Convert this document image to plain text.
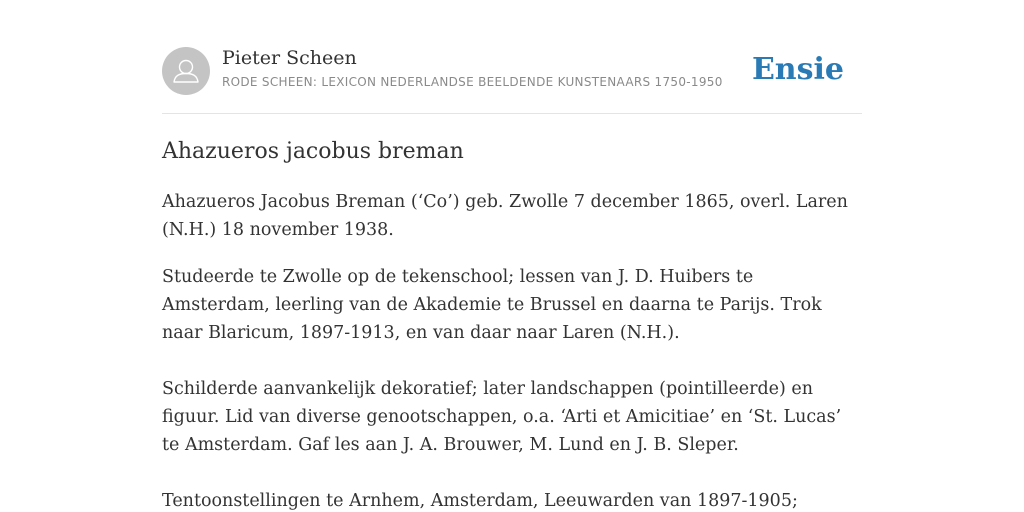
Pieter Scheen
RODE SCHEEN: LEXICON NEDERLANDSE BEELDENDE KUNSTENAARS 1750-1950 Ensie
Ahazueros jacobus breman

Ahazueros Jacobus Breman (‘Co’) geb. Zwolle 7 december 1865, overl. Laren (N.H.) 18 november 1938.

Studeerde te Zwolle op de tekenschool; lessen van J. D. Huibers te Amsterdam, leerling van de Akademie te Brussel en daarna te Parijs. Trok naar Blaricum, 1897-1913, en van daar naar Laren (N.H.).

Schilderde aanvankelijk dekoratief; later landschappen (pointilleerde) en figuur. Lid van diverse genootschappen, o.a. ‘Arti et Amicitiae’ en ‘St. Lucas’ te Amsterdam. Gaf les aan J. A. Brouwer, M. Lund en J. B. Sleper.

Tentoonstellingen te Arnhem, Amsterdam, Leeuwarden van 1897-1905;
